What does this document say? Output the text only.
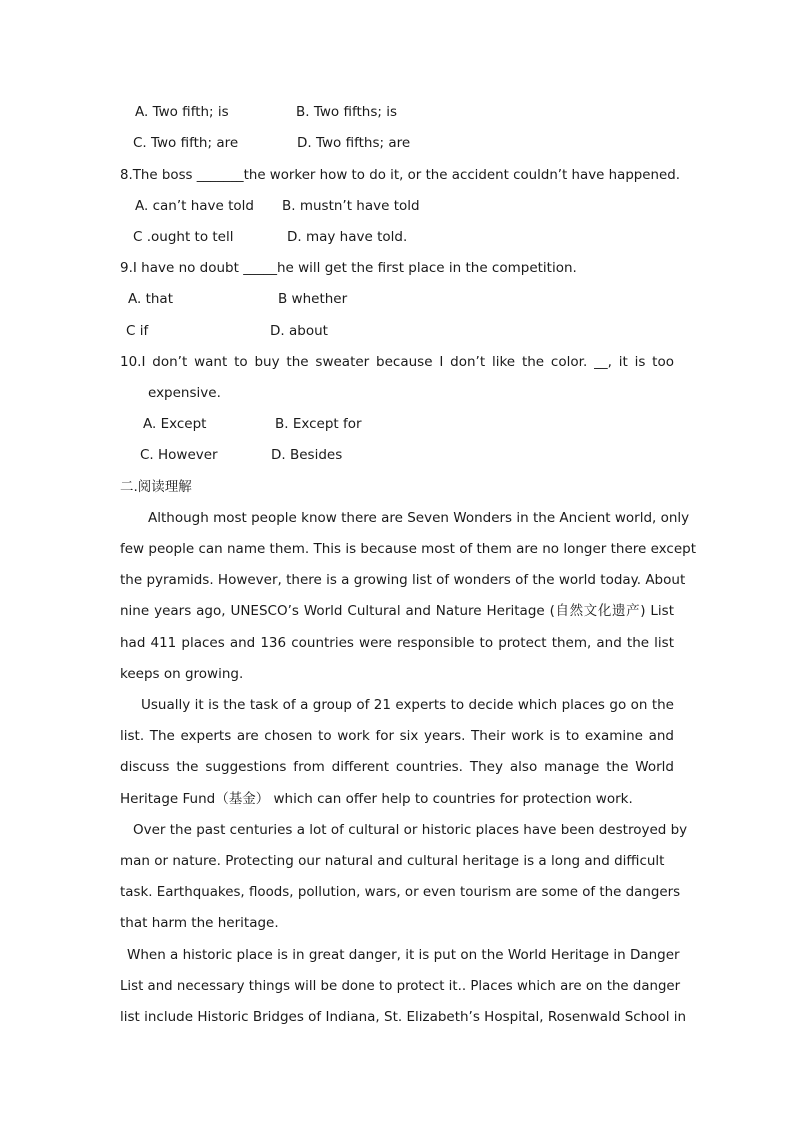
A. Two fifth; is	B. Two fifths; is
C. Two fifth; are	D. Two fifths; are
8.The boss _______the worker how to do it, or the accident couldn’t have happened.
A. can’t have told B. mustn’t have told
C .ought to tell	D. may have told.
9.I have no doubt _____he will get the first place in the competition.
A. that	B whether
C if	D. about
10.I don’t want to buy the sweater because I don’t like the color. __, it is too
expensive.
A. Except	B. Except for
C. However	D. Besides
二.阅读理解
Although most people know there are Seven Wonders in the Ancient world, only
few people can name them. This is because most of them are no longer there except
the pyramids. However, there is a growing list of wonders of the world today. About
nine years ago, UNESCO’s World Cultural and Nature Heritage (自然文化遗产) List
had 411 places and 136 countries were responsible to protect them, and the list
keeps on growing.
Usually it is the task of a group of 21 experts to decide which places go on the
list. The experts are chosen to work for six years. Their work is to examine and
discuss the suggestions from different countries. They also manage the World
Heritage Fund（基金） which can offer help to countries for protection work.
Over the past centuries a lot of cultural or historic places have been destroyed by
man or nature. Protecting our natural and cultural heritage is a long and difficult
task. Earthquakes, floods, pollution, wars, or even tourism are some of the dangers
that harm the heritage.
When a historic place is in great danger, it is put on the World Heritage in Danger
List and necessary things will be done to protect it.. Places which are on the danger
list include Historic Bridges of Indiana, St. Elizabeth’s Hospital, Rosenwald School in
